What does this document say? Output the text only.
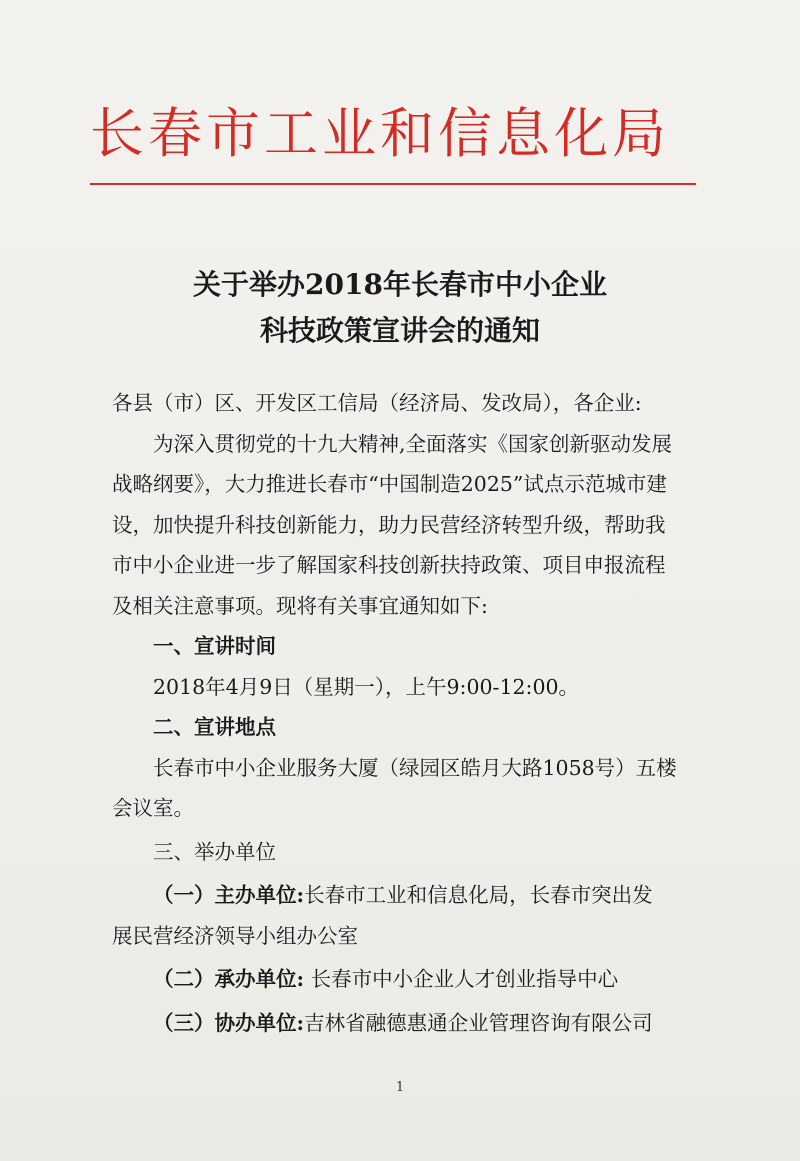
长春市工业和信息化局
关于举办2018年长春市中小企业
科技政策宣讲会的通知
各县（市）区、开发区工信局（经济局、发改局），各企业:
为深入贯彻党的十九大精神,全面落实《国家创新驱动发展
战略纲要》，大力推进长春市“中国制造2025”试点示范城市建
设，加快提升科技创新能力，助力民营经济转型升级，帮助我
市中小企业进一步了解国家科技创新扶持政策、项目申报流程
及相关注意事项。现将有关事宜通知如下:
一、宣讲时间
2018年4月9日（星期一），上午9:00-12:00。
二、宣讲地点
长春市中小企业服务大厦（绿园区皓月大路1058号）五楼
会议室。
三、举办单位
（一）主办单位:长春市工业和信息化局，长春市突出发
展民营经济领导小组办公室
（二）承办单位: 长春市中小企业人才创业指导中心
（三）协办单位:吉林省融德惠通企业管理咨询有限公司
1
